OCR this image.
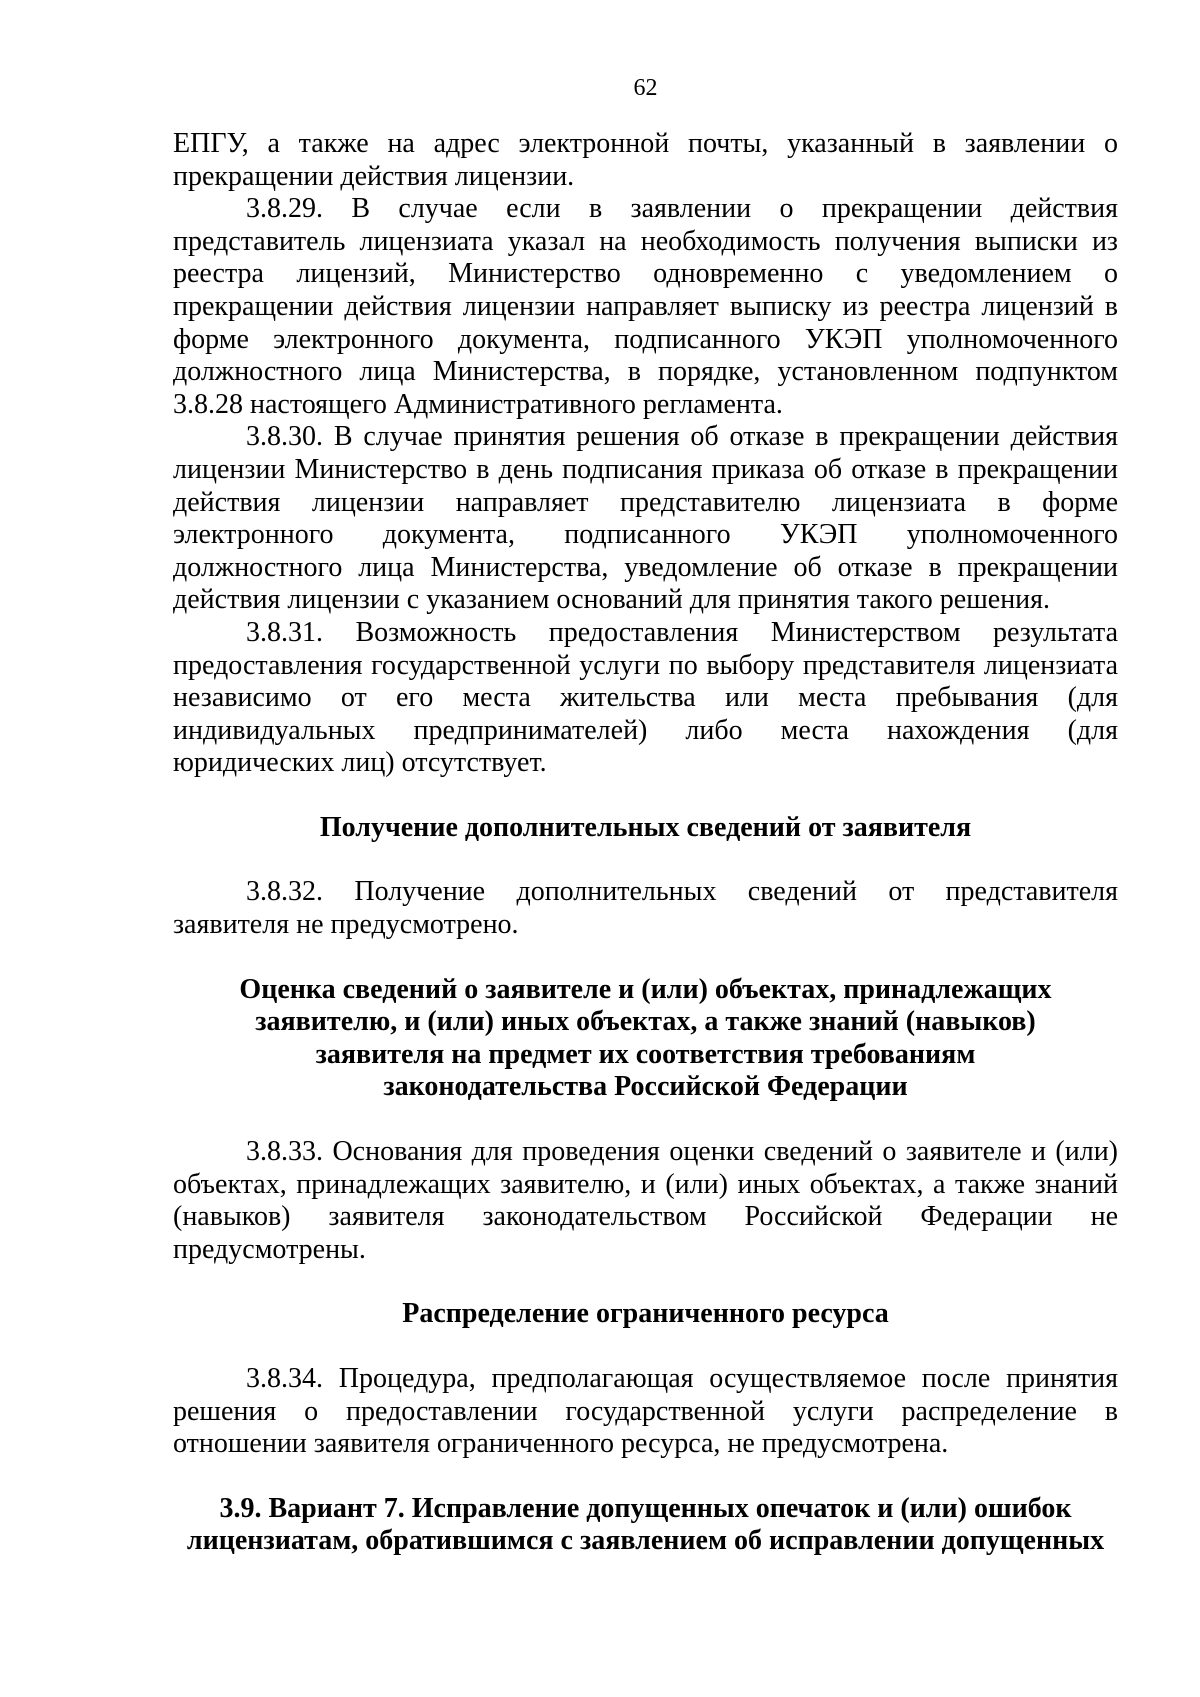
62

ЕПГУ, а также на адрес электронной почты, указанный в заявлении о прекращении действия лицензии.

3.8.29. В случае если в заявлении о прекращении действия представитель лицензиата указал на необходимость получения выписки из реестра лицензий, Министерство одновременно с уведомлением о прекращении действия лицензии направляет выписку из реестра лицензий в форме электронного документа, подписанного УКЭП уполномоченного должностного лица Министерства, в порядке, установленном подпунктом 3.8.28 настоящего Административного регламента.

3.8.30. В случае принятия решения об отказе в прекращении действия лицензии Министерство в день подписания приказа об отказе в прекращении действия лицензии направляет представителю лицензиата в форме электронного документа, подписанного УКЭП уполномоченного должностного лица Министерства, уведомление об отказе в прекращении действия лицензии с указанием оснований для принятия такого решения.

3.8.31. Возможность предоставления Министерством результата предоставления государственной услуги по выбору представителя лицензиата независимо от его места жительства или места пребывания (для индивидуальных предпринимателей) либо места нахождения (для юридических лиц) отсутствует.

Получение дополнительных сведений от заявителя

3.8.32. Получение дополнительных сведений от представителя заявителя не предусмотрено.

Оценка сведений о заявителе и (или) объектах, принадлежащих заявителю, и (или) иных объектах, а также знаний (навыков) заявителя на предмет их соответствия требованиям законодательства Российской Федерации

3.8.33. Основания для проведения оценки сведений о заявителе и (или) объектах, принадлежащих заявителю, и (или) иных объектах, а также знаний (навыков) заявителя законодательством Российской Федерации не предусмотрены.

Распределение ограниченного ресурса

3.8.34. Процедура, предполагающая осуществляемое после принятия решения о предоставлении государственной услуги распределение в отношении заявителя ограниченного ресурса, не предусмотрена.

3.9. Вариант 7. Исправление допущенных опечаток и (или) ошибок лицензиатам, обратившимся с заявлением об исправлении допущенных
